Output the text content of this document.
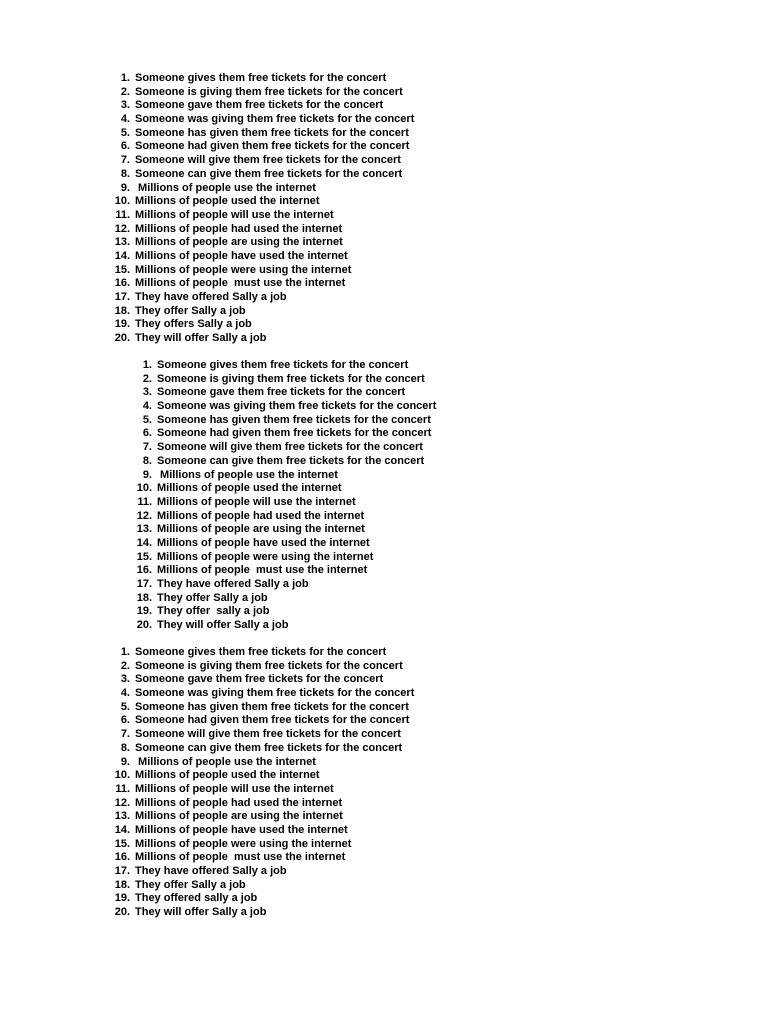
1. Someone gives them free tickets for the concert
2. Someone is giving them free tickets for the concert
3. Someone gave them free tickets for the concert
4. Someone was giving them free tickets for the concert
5. Someone has given them free tickets for the concert
6. Someone had given them free tickets for the concert
7. Someone will give them free tickets for the concert
8. Someone can give them free tickets for the concert
9. Millions of people use the internet
10. Millions of people used the internet
11. Millions of people will use the internet
12. Millions of people had used the internet
13. Millions of people are using the internet
14. Millions of people have used the internet
15. Millions of people were using the internet
16. Millions of people  must use the internet
17. They have offered Sally a job
18. They offer Sally a job
19. They offers Sally a job
20. They will offer Sally a job
1. Someone gives them free tickets for the concert
2. Someone is giving them free tickets for the concert
3. Someone gave them free tickets for the concert
4. Someone was giving them free tickets for the concert
5. Someone has given them free tickets for the concert
6. Someone had given them free tickets for the concert
7. Someone will give them free tickets for the concert
8. Someone can give them free tickets for the concert
9. Millions of people use the internet
10. Millions of people used the internet
11. Millions of people will use the internet
12. Millions of people had used the internet
13. Millions of people are using the internet
14. Millions of people have used the internet
15. Millions of people were using the internet
16. Millions of people  must use the internet
17. They have offered Sally a job
18. They offer Sally a job
19. They offer  sally a job
20. They will offer Sally a job
1. Someone gives them free tickets for the concert
2. Someone is giving them free tickets for the concert
3. Someone gave them free tickets for the concert
4. Someone was giving them free tickets for the concert
5. Someone has given them free tickets for the concert
6. Someone had given them free tickets for the concert
7. Someone will give them free tickets for the concert
8. Someone can give them free tickets for the concert
9. Millions of people use the internet
10. Millions of people used the internet
11. Millions of people will use the internet
12. Millions of people had used the internet
13. Millions of people are using the internet
14. Millions of people have used the internet
15. Millions of people were using the internet
16. Millions of people  must use the internet
17. They have offered Sally a job
18. They offer Sally a job
19. They offered sally a job
20. They will offer Sally a job
